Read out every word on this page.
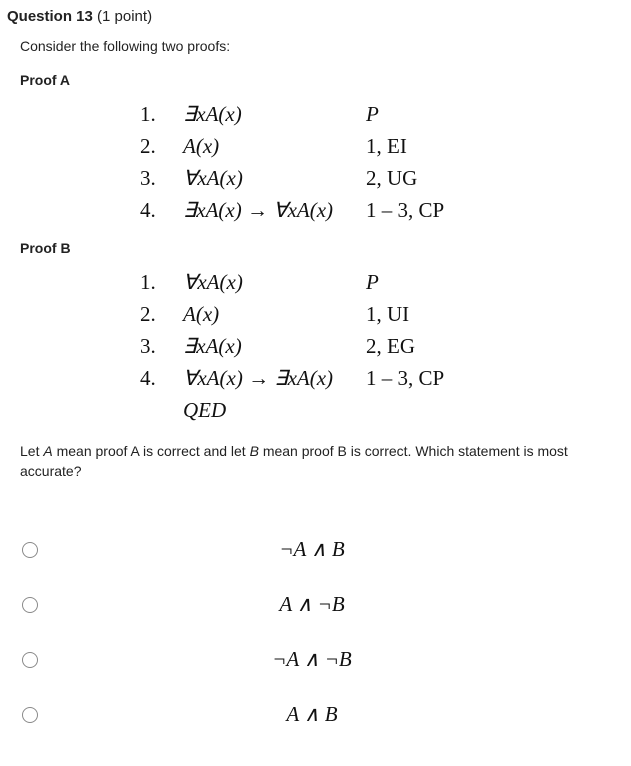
Question 13 (1 point)
Consider the following two proofs:
Proof A
1.	∃xA(x)	P
2.	A(x)	1, EI
3.	∀xA(x)	2, UG
4.	∃xA(x) → ∀xA(x) 1 – 3, CP
Proof B
1.	∀xA(x)	P
2.	A(x)	1, UI
3.	∃xA(x)	2, EG
4.	∀xA(x) → ∃xA(x) 1 – 3, CP
QED
Let A mean proof A is correct and let B mean proof B is correct. Which statement is most accurate?
¬A ∧ B
A ∧ ¬B
¬A ∧ ¬B
A ∧ B
